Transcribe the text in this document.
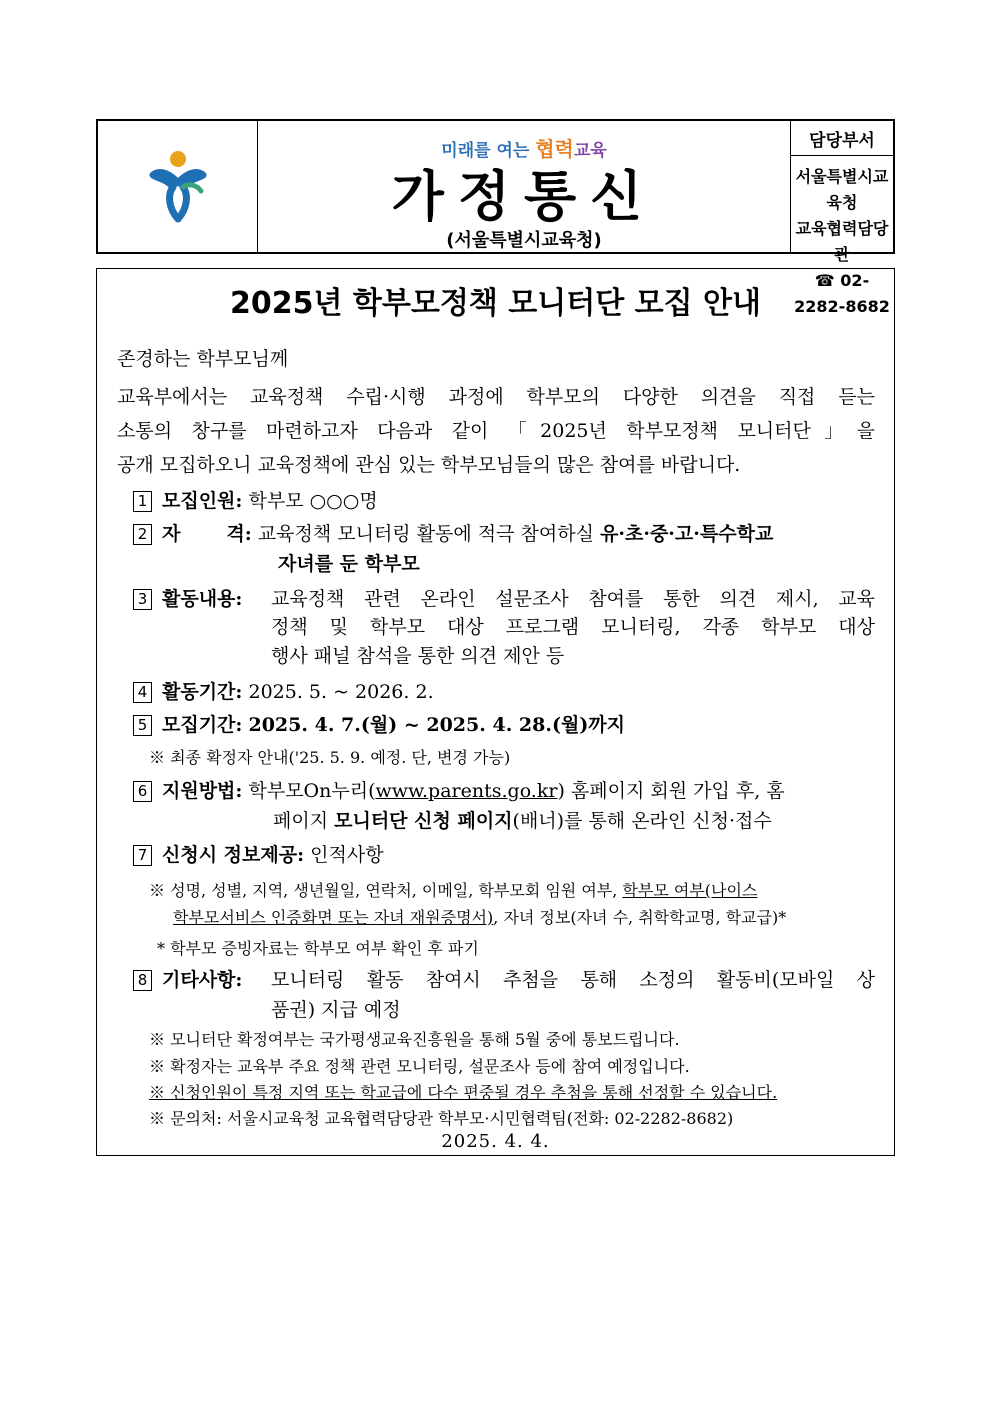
미래를 여는 협력교육
가정통신
(서울특별시교육청)
담당부서
서울특별시교육청
교육협력담당관
☎ 02-2282-8682
2025년 학부모정책 모니터단 모집 안내
존경하는 학부모님께
교육부에서는 교육정책 수립·시행 과정에 학부모의 다양한 의견을 직접 듣는
소통의 창구를 마련하고자 다음과 같이 「2025년 학부모정책 모니터단」을
공개 모집하오니 교육정책에 관심 있는 학부모님들의 많은 참여를 바랍니다.
1 모집인원: 학부모 ○○○명
2 자 격: 교육정책 모니터링 활동에 적극 참여하실 유·초·중·고·특수학교
자녀를 둔 학부모
3 활동내용: 교육정책 관련 온라인 설문조사 참여를 통한 의견 제시, 교육
정책 및 학부모 대상 프로그램 모니터링, 각종 학부모 대상
행사 패널 참석을 통한 의견 제안 등
4 활동기간: 2025. 5. ~ 2026. 2.
5 모집기간: 2025. 4. 7.(월) ~ 2025. 4. 28.(월)까지
※ 최종 확정자 안내('25. 5. 9. 예정. 단, 변경 가능)
6 지원방법: 학부모On누리(www.parents.go.kr) 홈페이지 회원 가입 후, 홈
페이지 모니터단 신청 페이지(배너)를 통해 온라인 신청·접수
7 신청시 정보제공: 인적사항
※ 성명, 성별, 지역, 생년월일, 연락처, 이메일, 학부모회 임원 여부, 학부모 여부(나이스
학부모서비스 인증화면 또는 자녀 재원증명서), 자녀 정보(자녀 수, 취학학교명, 학교급)*
* 학부모 증빙자료는 학부모 여부 확인 후 파기
8 기타사항: 모니터링 활동 참여시 추첨을 통해 소정의 활동비(모바일 상
품권) 지급 예정
※ 모니터단 확정여부는 국가평생교육진흥원을 통해 5월 중에 통보드립니다.
※ 확정자는 교육부 주요 정책 관련 모니터링, 설문조사 등에 참여 예정입니다.
※ 신청인원이 특정 지역 또는 학교급에 다수 편중될 경우 추첨을 통해 선정할 수 있습니다.
※ 문의처: 서울시교육청 교육협력담당관 학부모·시민협력팀(전화: 02-2282-8682)
2025. 4. 4.
